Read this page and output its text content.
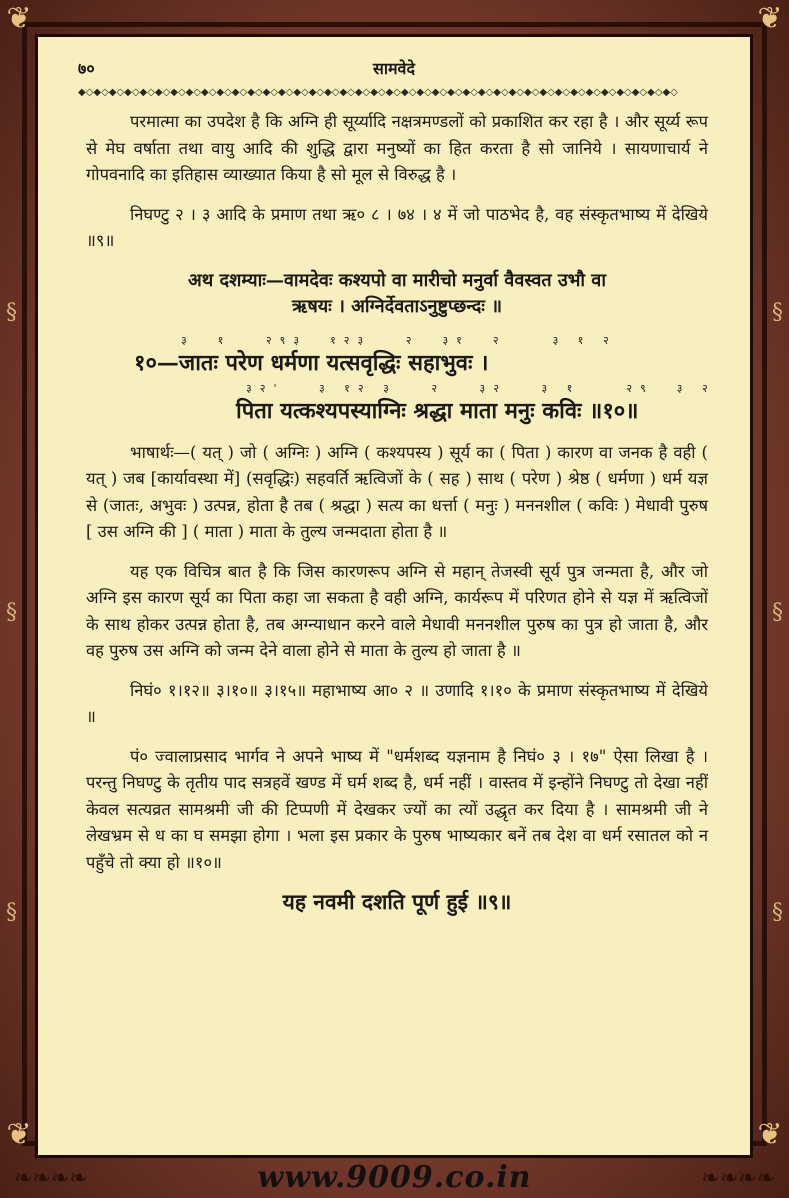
❦	❦
❦	❦
§
§
§
§
§
§
७०	सामवेदे
◆◇◆◇◆◇◆◇◆◇◆◇◆◇◆◇◆◇◆◇◆◇◆◇◆◇◆◇◆◇◆◇◆◇◆◇◆◇◆◇◆◇◆◇◆◇◆◇◆◇◆◇◆◇◆◇◆◇◆◇◆◇◆◇◆◇◆◇◆◇◆◇◆◇◆◇◆◇

परमात्मा का उपदेश है कि अग्नि ही सूर्य्यादि नक्षत्रमण्डलों को प्रकाशित कर रहा है । और सूर्य्य रूप से मेघ वर्षाता तथा वायु आदि की शुद्धि द्वारा मनुष्यों का हित करता है सो जानिये । सायणाचार्य ने गोपवनादि का इतिहास व्याख्यात किया है सो मूल से विरुद्ध है ।

निघण्टु २ । ३ आदि के प्रमाण तथा ऋ० ८ । ७४ । ४ में जो पाठभेद है, वह संस्कृतभाष्य में देखिये ॥९॥

अथ दशम्याः—वामदेवः कश्यपो वा मारीचो मनुर्वा वैवस्वत उभौ वा

ऋषयः । अग्निर्देवताऽनुष्टुप्छन्दः ॥

३  १   २९३  १२३   २  ३१  २    ३ १ २

१०—जातः परेण धर्मणा यत्सवृद्धिः सहाभुवः ।

३२'   ३ १२ ३   २   ३२   ३ १    २९  ३ २

पिता यत्कश्यपस्याग्निः श्रद्धा माता मनुः कविः ॥१०॥

भाषार्थः—( यत् ) जो ( अग्निः ) अग्नि ( कश्यपस्य ) सूर्य का ( पिता ) कारण वा जनक है वही ( यत् ) जब [कार्यावस्था में] (सवृद्धिः) सहवर्ति ऋत्विजों के ( सह ) साथ ( परेण ) श्रेष्ठ ( धर्मणा ) धर्म यज्ञ से (जातः, अभुवः ) उत्पन्न, होता है तब ( श्रद्धा ) सत्य का धर्त्ता ( मनुः ) मननशील ( कविः ) मेधावी पुरुष [ उस अग्नि की ] ( माता ) माता के तुल्य जन्मदाता होता है ॥

यह एक विचित्र बात है कि जिस कारणरूप अग्नि से महान् तेजस्वी सूर्य पुत्र जन्मता है, और जो अग्नि इस कारण सूर्य का पिता कहा जा सकता है वही अग्नि, कार्यरूप में परिणत होने से यज्ञ में ऋत्विजों के साथ होकर उत्पन्न होता है, तब अग्न्याधान करने वाले मेधावी मननशील पुरुष का पुत्र हो जाता है, और वह पुरुष उस अग्नि को जन्म देने वाला होने से माता के तुल्य हो जाता है ॥

निघं० १।१२॥ ३।१०॥ ३।१५॥ महाभाष्य आ० २ ॥ उणादि १।१० के प्रमाण संस्कृतभाष्य में देखिये ॥

पं० ज्वालाप्रसाद भार्गव ने अपने भाष्य में "धर्मशब्द यज्ञनाम है निघं० ३ । १७" ऐसा लिखा है । परन्तु निघण्टु के तृतीय पाद सत्रहवें खण्ड में घर्म शब्द है, धर्म नहीं । वास्तव में इन्होंने निघण्टु तो देखा नहीं केवल सत्यव्रत सामश्रमी जी की टिप्पणी में देखकर ज्यों का त्यों उद्धृत कर दिया है । सामश्रमी जी ने लेखभ्रम से ध का घ समझा होगा । भला इस प्रकार के पुरुष भाष्यकार बनें तब देश वा धर्म रसातल को न पहुँचे तो क्या हो ॥१०॥

यह नवमी दशति पूर्ण हुई ॥९॥

❧❧❧❧	❧❧❧❧
www.9009.co.in
